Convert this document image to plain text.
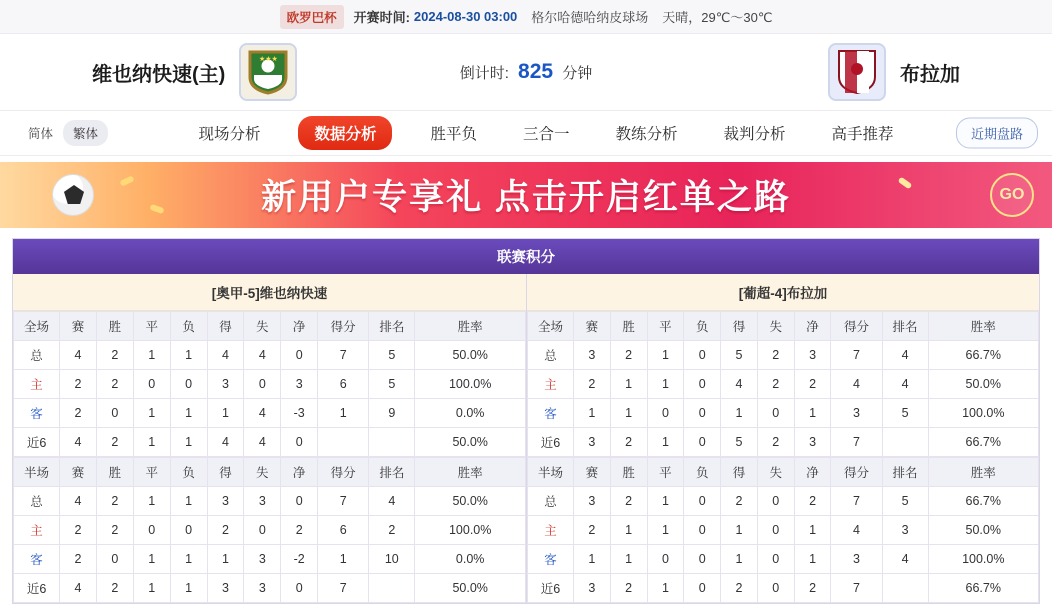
欧罗巴杯	开赛时间: 2024-08-30 03:00 格尔哈德哈纳皮球场 天晴，29℃～30℃
维也纳快速(主)
★★★
倒计时: 825 分钟	布拉加
简体	繁体	现场分析	数据分析	胜平负	三合一	教练分析	裁判分析	高手推荐	近期盘路
新用户专享礼 点击开启红单之路	GO
联赛积分
[奥甲-5]维也纳快速
全场	赛	胜	平	负	得	失	净	得分	排名	胜率
总	4	2	1	1	4	4	0	7	5	50.0%
主	2	2	0	0	3	0	3	6	5	100.0%
客	2	0	1	1	1	4	-3	1	9	0.0%
近6	4	2	1	1	4	4	0			50.0%
半场	赛	胜	平	负	得	失	净	得分	排名	胜率
总	4	2	1	1	3	3	0	7	4	50.0%
主	2	2	0	0	2	0	2	6	2	100.0%
客	2	0	1	1	1	3	-2	1	10	0.0%
近6	4	2	1	1	3	3	0	7		50.0%
[葡超-4]布拉加
全场	赛	胜	平	负	得	失	净	得分	排名	胜率
总	3	2	1	0	5	2	3	7	4	66.7%
主	2	1	1	0	4	2	2	4	4	50.0%
客	1	1	0	0	1	0	1	3	5	100.0%
近6	3	2	1	0	5	2	3	7		66.7%
半场	赛	胜	平	负	得	失	净	得分	排名	胜率
总	3	2	1	0	2	0	2	7	5	66.7%
主	2	1	1	0	1	0	1	4	3	50.0%
客	1	1	0	0	1	0	1	3	4	100.0%
近6	3	2	1	0	2	0	2	7		66.7%
